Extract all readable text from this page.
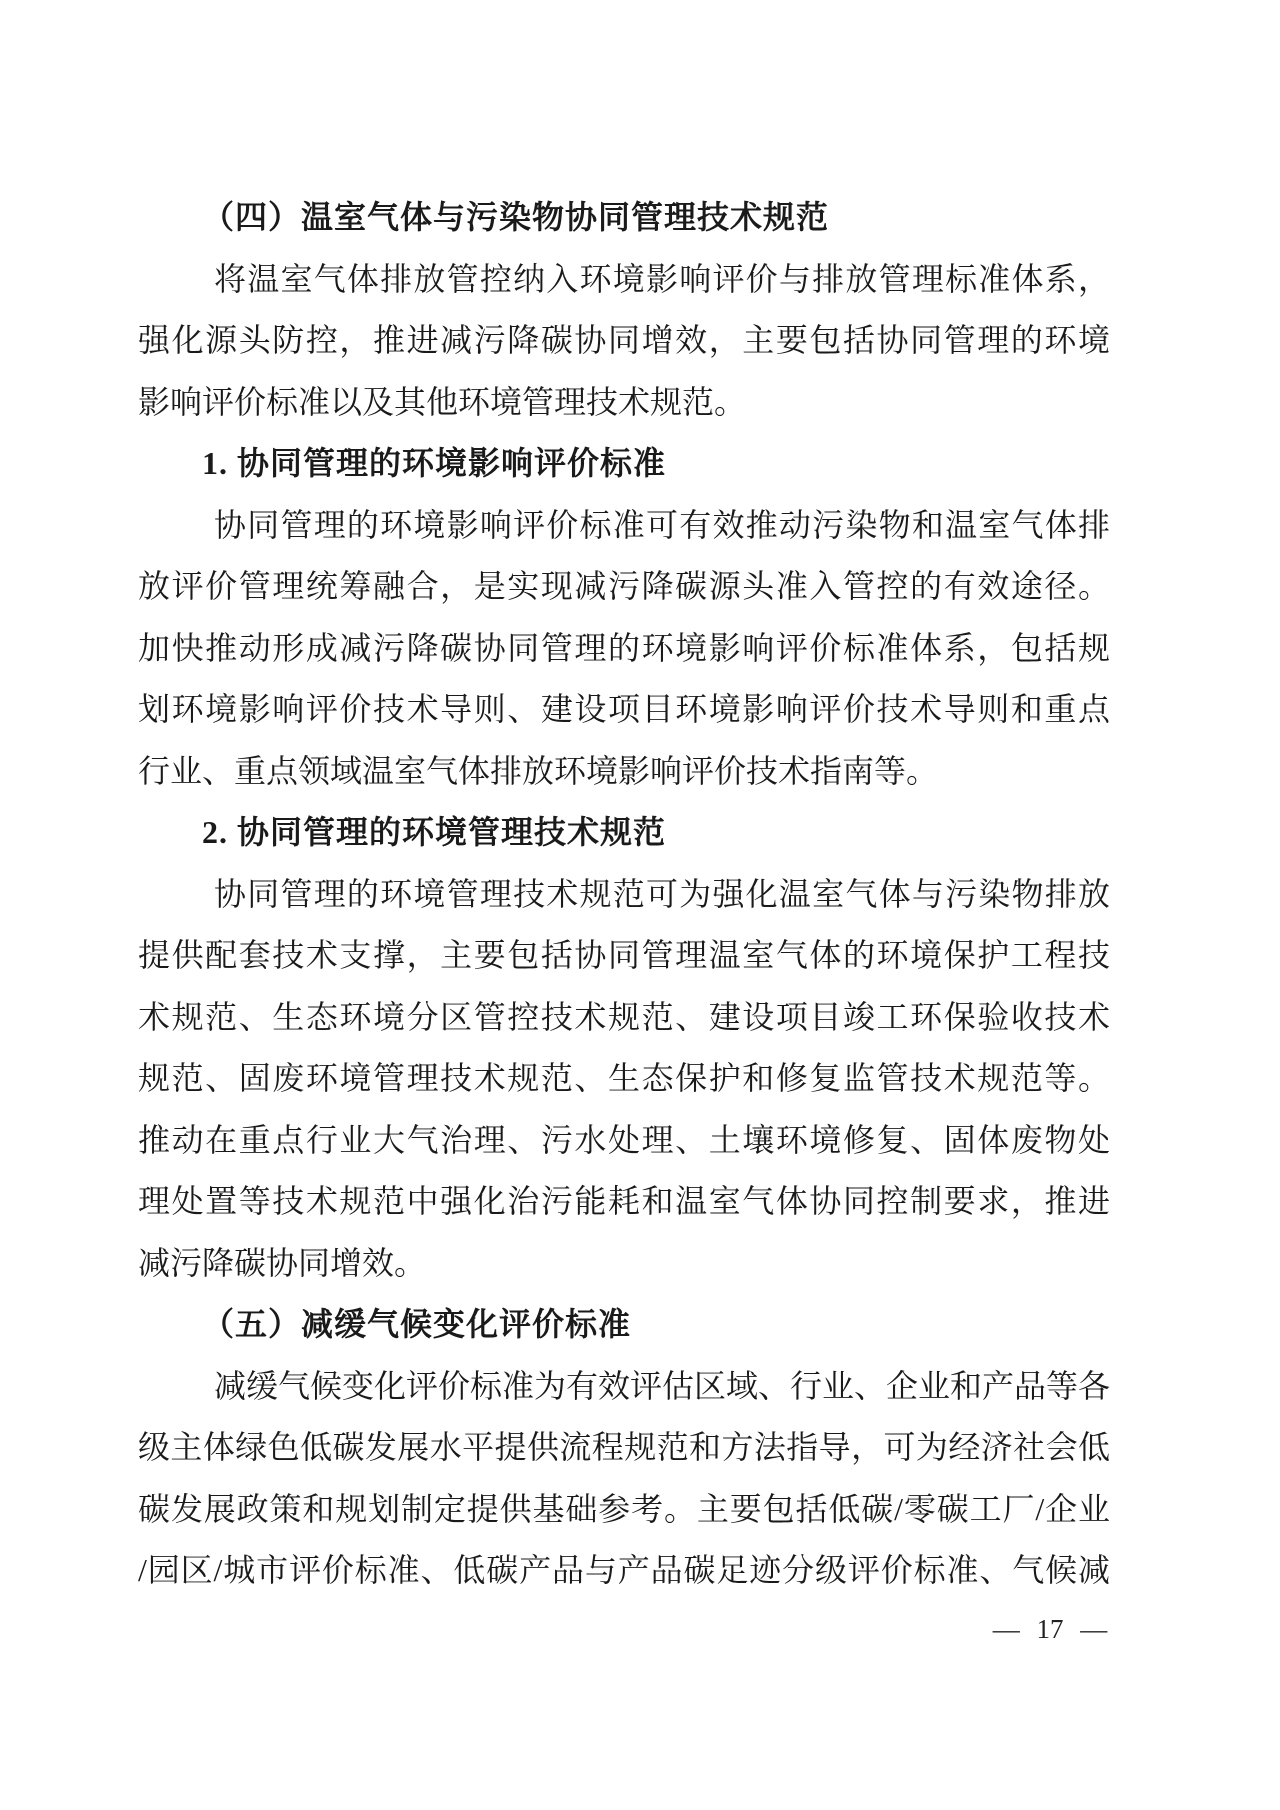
（四）温室气体与污染物协同管理技术规范
将温室气体排放管控纳入环境影响评价与排放管理标准体系，
强化源头防控，推进减污降碳协同增效，主要包括协同管理的环境
影响评价标准以及其他环境管理技术规范。
1. 协同管理的环境影响评价标准
协同管理的环境影响评价标准可有效推动污染物和温室气体排
放评价管理统筹融合，是实现减污降碳源头准入管控的有效途径。
加快推动形成减污降碳协同管理的环境影响评价标准体系，包括规
划环境影响评价技术导则、建设项目环境影响评价技术导则和重点
行业、重点领域温室气体排放环境影响评价技术指南等。
2. 协同管理的环境管理技术规范
协同管理的环境管理技术规范可为强化温室气体与污染物排放
提供配套技术支撑，主要包括协同管理温室气体的环境保护工程技
术规范、生态环境分区管控技术规范、建设项目竣工环保验收技术
规范、固废环境管理技术规范、生态保护和修复监管技术规范等。
推动在重点行业大气治理、污水处理、土壤环境修复、固体废物处
理处置等技术规范中强化治污能耗和温室气体协同控制要求，推进
减污降碳协同增效。
（五）减缓气候变化评价标准
减缓气候变化评价标准为有效评估区域、行业、企业和产品等各
级主体绿色低碳发展水平提供流程规范和方法指导，可为经济社会低
碳发展政策和规划制定提供基础参考。主要包括低碳/零碳工厂/企业
/园区/城市评价标准、低碳产品与产品碳足迹分级评价标准、气候减
— 17 —
